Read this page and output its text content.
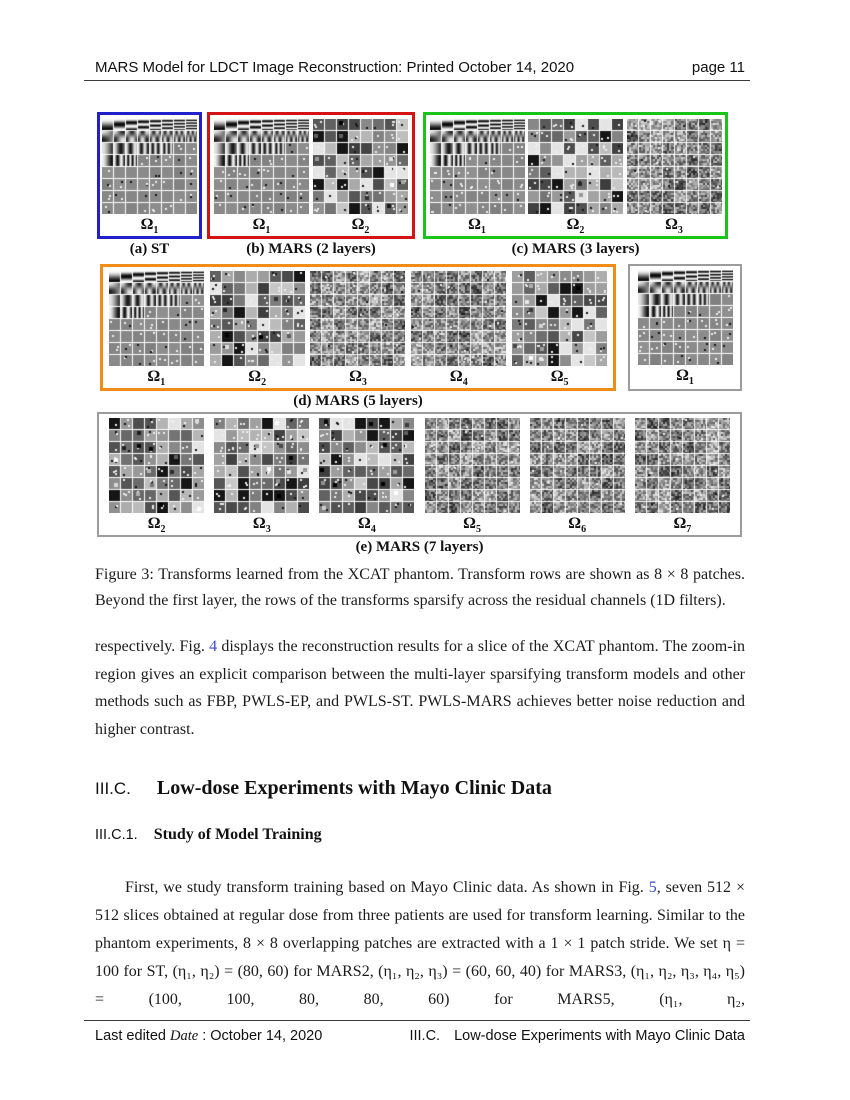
MARS Model for LDCT Image Reconstruction: Printed October 14, 2020	page 11
$\Omega_1$	$\Omega_1$	$\Omega_2$	$\Omega_1$	$\Omega_2$	$\Omega_3$
$\Omega_1$	$\Omega_2$	$\Omega_3$	$\Omega_4$	$\Omega_5$	$\Omega_1$
$\Omega_2$	$\Omega_3$	$\Omega_4$	$\Omega_5$	$\Omega_6$	$\Omega_7$
(a) ST	(b) MARS (2 layers)	(c) MARS (3 layers)
(d) MARS (5 layers)
(e) MARS (7 layers)
Figure 3: Transforms learned from the XCAT phantom. Transform rows are shown as 8 × 8 patches. Beyond the first layer, the rows of the transforms sparsify across the residual channels (1D filters).

respectively. Fig. 4 displays the reconstruction results for a slice of the XCAT phantom. The zoom-in region gives an explicit comparison between the multi-layer sparsifying transform models and other methods such as FBP, PWLS-EP, and PWLS-ST. PWLS-MARS achieves better noise reduction and higher contrast.

III.C. Low-dose Experiments with Mayo Clinic Data
III.C.1. Study of Model Training

First, we study transform training based on Mayo Clinic data. As shown in Fig. 5, seven 512 × 512 slices obtained at regular dose from three patients are used for transform learning. Similar to the phantom experiments, 8 × 8 overlapping patches are extracted with a 1 × 1 patch stride. We set η = 100 for ST, (η₁, η₂) = (80, 60) for MARS2, (η₁, η₂, η₃) = (60, 60, 40) for MARS3, (η₁, η₂, η₃, η₄, η₅) = (100, 100, 80, 80, 60) for MARS5, (η₁, η₂,

Last edited Date : October 14, 2020	III.C. Low-dose Experiments with Mayo Clinic Data
